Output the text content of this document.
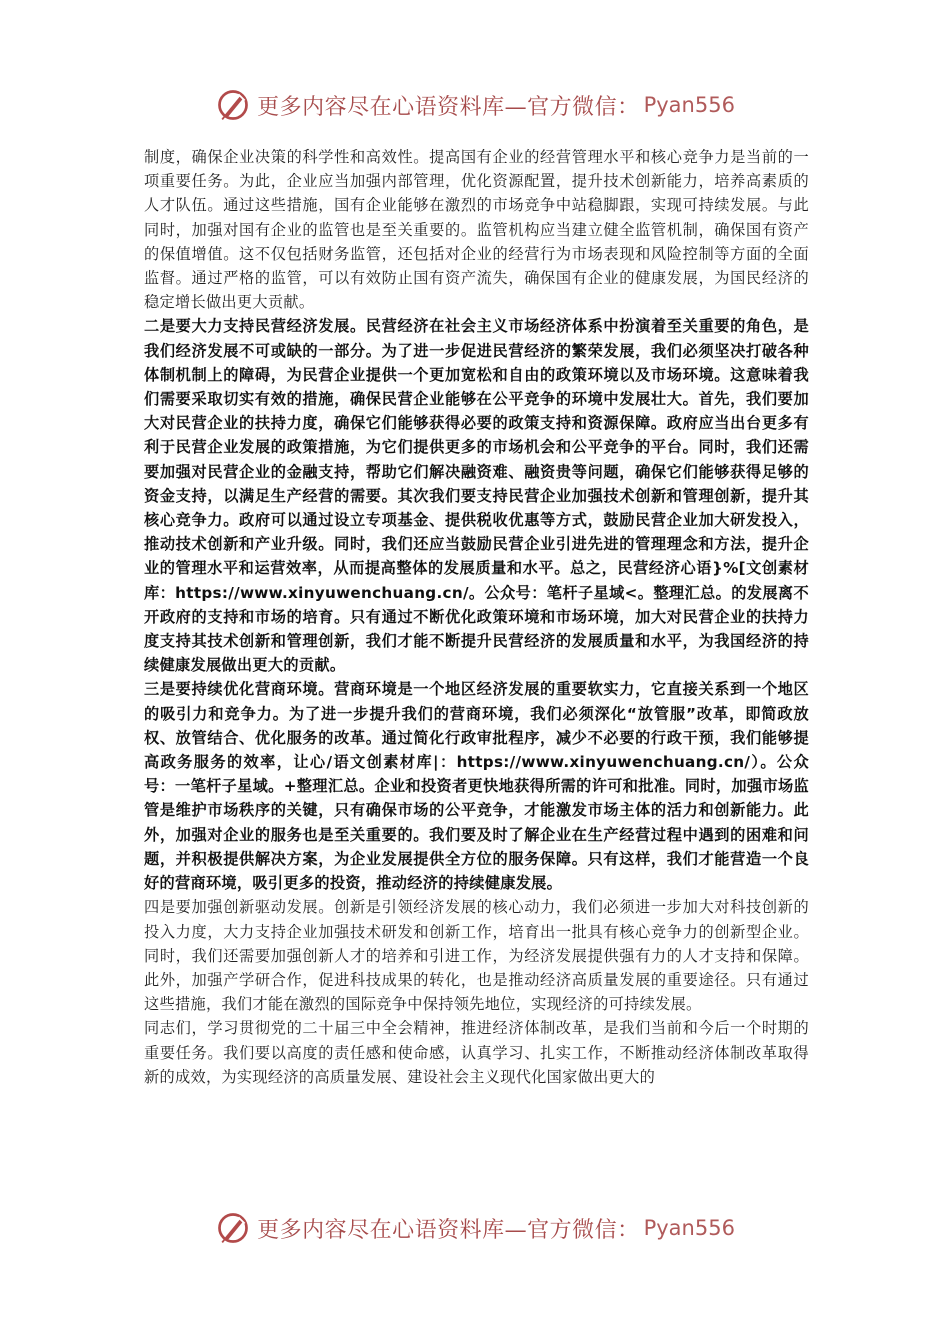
更多内容尽在心语资料库—官方微信： Pyan556

制度，确保企业决策的科学性和高效性。提高国有企业的经营管理水平和核心竞争力是当前的一项重要任务。为此，企业应当加强内部管理，优化资源配置，提升技术创新能力，培养高素质的人才队伍。通过这些措施，国有企业能够在激烈的市场竞争中站稳脚跟，实现可持续发展。与此同时，加强对国有企业的监管也是至关重要的。监管机构应当建立健全监管机制，确保国有资产的保值增值。这不仅包括财务监管，还包括对企业的经营行为市场表现和风险控制等方面的全面监督。通过严格的监管，可以有效防止国有资产流失，确保国有企业的健康发展，为国民经济的稳定增长做出更大贡献。

二是要大力支持民营经济发展。民营经济在社会主义市场经济体系中扮演着至关重要的角色，是我们经济发展不可或缺的一部分。为了进一步促进民营经济的繁荣发展，我们必须坚决打破各种体制机制上的障碍，为民营企业提供一个更加宽松和自由的政策环境以及市场环境。这意味着我们需要采取切实有效的措施，确保民营企业能够在公平竞争的环境中发展壮大。首先，我们要加大对民营企业的扶持力度，确保它们能够获得必要的政策支持和资源保障。政府应当出台更多有利于民营企业发展的政策措施，为它们提供更多的市场机会和公平竞争的平台。同时，我们还需要加强对民营企业的金融支持，帮助它们解决融资难、融资贵等问题，确保它们能够获得足够的资金支持，以满足生产经营的需要。其次我们要支持民营企业加强技术创新和管理创新，提升其核心竞争力。政府可以通过设立专项基金、提供税收优惠等方式，鼓励民营企业加大研发投入，推动技术创新和产业升级。同时，我们还应当鼓励民营企业引进先进的管理理念和方法，提升企业的管理水平和运营效率，从而提高整体的发展质量和水平。总之，民营经济心语}%[文创素材库：https://www.xinyuwenchuang.cn/。公众号：笔杆子星域<。整理汇总。的发展离不开政府的支持和市场的培育。只有通过不断优化政策环境和市场环境，加大对民营企业的扶持力度支持其技术创新和管理创新，我们才能不断提升民营经济的发展质量和水平，为我国经济的持续健康发展做出更大的贡献。

三是要持续优化营商环境。营商环境是一个地区经济发展的重要软实力，它直接关系到一个地区的吸引力和竞争力。为了进一步提升我们的营商环境，我们必须深化“放管服”改革，即简政放权、放管结合、优化服务的改革。通过简化行政审批程序，减少不必要的行政干预，我们能够提高政务服务的效率，让心/语文创素材库|：https://www.xinyuwenchuang.cn/）。公众号：一笔杆子星域。+整理汇总。企业和投资者更快地获得所需的许可和批准。同时，加强市场监管是维护市场秩序的关键，只有确保市场的公平竞争，才能激发市场主体的活力和创新能力。此外，加强对企业的服务也是至关重要的。我们要及时了解企业在生产经营过程中遇到的困难和问题，并积极提供解决方案，为企业发展提供全方位的服务保障。只有这样，我们才能营造一个良好的营商环境，吸引更多的投资，推动经济的持续健康发展。

四是要加强创新驱动发展。创新是引领经济发展的核心动力，我们必须进一步加大对科技创新的投入力度，大力支持企业加强技术研发和创新工作，培育出一批具有核心竞争力的创新型企业。同时，我们还需要加强创新人才的培养和引进工作，为经济发展提供强有力的人才支持和保障。此外，加强产学研合作，促进科技成果的转化，也是推动经济高质量发展的重要途径。只有通过这些措施，我们才能在激烈的国际竞争中保持领先地位，实现经济的可持续发展。

同志们，学习贯彻党的二十届三中全会精神，推进经济体制改革，是我们当前和今后一个时期的重要任务。我们要以高度的责任感和使命感，认真学习、扎实工作，不断推动经济体制改革取得新的成效，为实现经济的高质量发展、建设社会主义现代化国家做出更大的

更多内容尽在心语资料库—官方微信： Pyan556
